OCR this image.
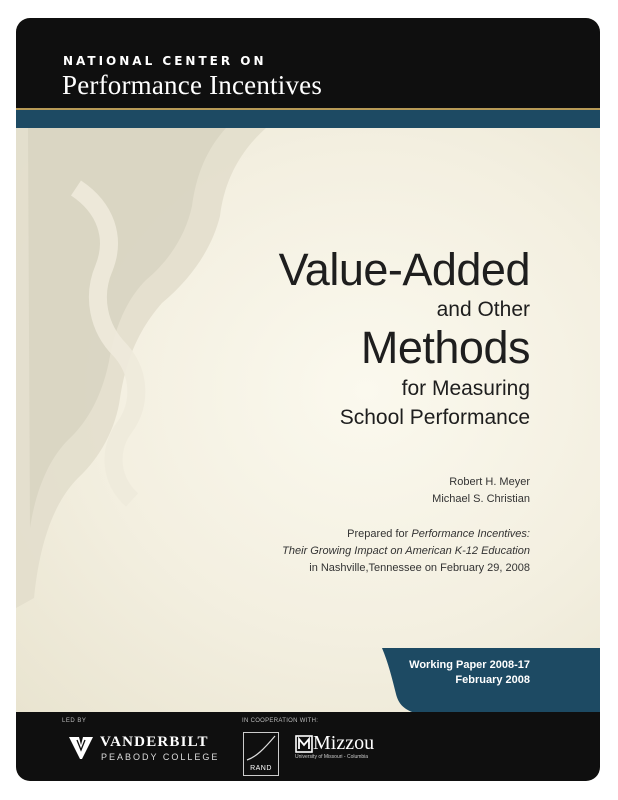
NATIONAL CENTER ON
Performance Incentives
Value-Added
and Other
Methods
for Measuring
School Performance
Robert H. Meyer
Michael S. Christian
Prepared for Performance Incentives:
Their Growing Impact on American K-12 Education
in Nashville,Tennessee on February 29, 2008
Working Paper 2008-17
February 2008
LED BY	IN COOPERATION WITH:
VANDERBILT
PEABODY COLLEGE
RAND
Mizzou
University of Missouri - Columbia
